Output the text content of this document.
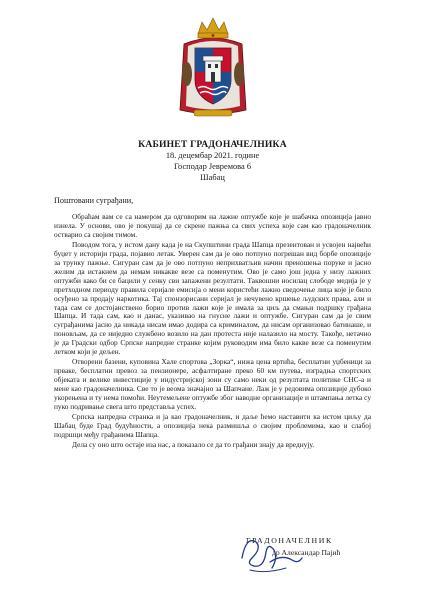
КАБИНЕТ ГРАДОНАЧЕЛНИКА
18. децембар 2021. године
Господар Јевремова 6
Шабац
Поштовани суграђани,

Обраћам вам се са намером да одговорим на лажне оптужбе које је шабачка опозиција јавно изнела. У основи, ово је покушај да се скрене пажња са свих успеха које сам као градоначелник остварио са својим тимом.

Поводом тога, у истом дану када је на Скупштини града Шапца презентован и усвојен највећи буџет у историји града, појавио летак. Уверен сам да је ово потпуно погрешан вид борбе опозиције за трунку пажње. Сигуран сам да је ово потпуно неприхватљив начин преношења поруке и јасно желим да истакнем да немам никакве везе са поменутим. Ово је само још једна у низу лажних оптужби како би се бацили у сенку сви запажени резултати. Таквошни носилац слободе медија је у претходном периоду правила серијале емисија о мени користећи лажно сведочење лица које је било осуђено за продају наркотика. Тај спонзорисани серијал је нечувено кршење људских права, али и тада сам се достојанствено борио против лажи које је имала за циљ да смањи подршку грађана Шапца. И тада сам, као и данас, указивао на гнусне лажи и оптужбе. Сигуран сам да је свим суграђанима јасно да никада нисам имао додира са криминалом, да нисам организовао батинаше, и поновљам, да се ниједно службено возило на дан протеста није налазило на мосту. Такође, нетачно је да Градски одбор Српске напредне странке којим руководим има било какве везе са поменутим летком који је дељен.

Отворени базени, куповина Хале спортова „Зорка“, нижа цена вртића, бесплатни уџбеници за прваке, бесплатни превоз за пензионере, асфалтиране преко 60 км путева, изградња спортских објеката и велике инвестиције у индустријској зони су само неки од резултата политике СНС-а и мене као градоначелника. Све то је веома значајно за Шапчане. Лаж је у редовима опозиције дубоко укорењена и ту нема помоћи. Неутемељене оптужбе због наводне организације и штампања летка су пуко подривање свега што представља успех.

Српска напредна странка и ја као градоначелник, и даље ћемо наставити ка истом циљу да Шабац буде Град будућности, а опозиција нека размишља о својим проблемима, као и слабој подршци међу грађанима Шапца.

Дела су оно што остаје иза нас, а показало се да то грађани знају да вреднују.

ГРАДОНАЧЕЛНИК
др Александар Пајић
